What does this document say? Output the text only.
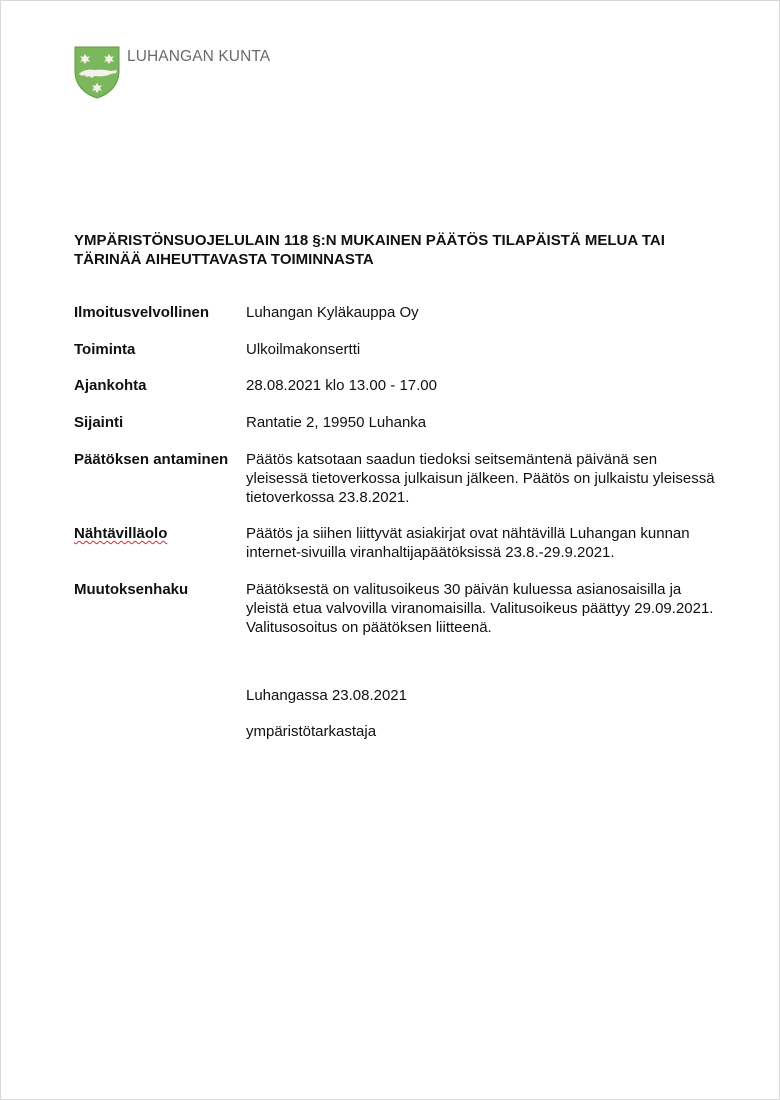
LUHANGAN KUNTA
YMPÄRISTÖNSUOJELULAIN 118 §:N MUKAINEN PÄÄTÖS TILAPÄISTÄ MELUA TAI
TÄRINÄÄ AIHEUTTAVASTA TOIMINNASTA
Ilmoitusvelvollinen	Luhangan Kyläkauppa Oy
Toiminta	Ulkoilmakonsertti
Ajankohta	28.08.2021 klo 13.00 - 17.00
Sijainti	Rantatie 2, 19950 Luhanka
Päätöksen antaminen	Päätös katsotaan saadun tiedoksi seitsemäntenä päivänä sen
yleisessä tietoverkossa julkaisun jälkeen. Päätös on julkaistu yleisessä
tietoverkossa 23.8.2021.
Nähtävilläolo	Päätös ja siihen liittyvät asiakirjat ovat nähtävillä Luhangan kunnan
internet-sivuilla viranhaltijapäätöksissä 23.8.-29.9.2021.
Muutoksenhaku	Päätöksestä on valitusoikeus 30 päivän kuluessa asianosaisilla ja
yleistä etua valvovilla viranomaisilla. Valitusoikeus päättyy 29.09.2021.
Valitusosoitus on päätöksen liitteenä.
Luhangassa 23.08.2021
ympäristötarkastaja
